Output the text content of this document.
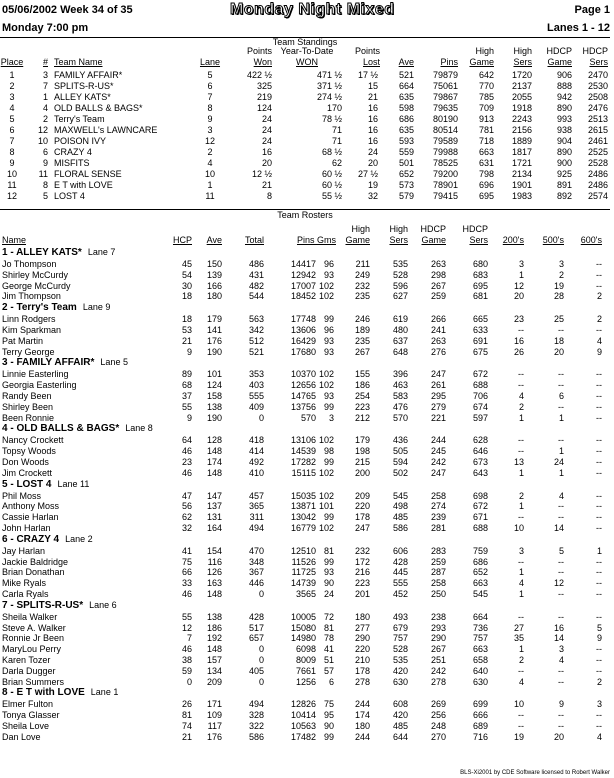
05/06/2002 Week 34 of 35	Monday Night Mixed	Page 1
Monday 7:00 pm	Lanes 1 - 12
Team Standings
Place	# Team Name	Lane
Points
Won
Year-To-Date
WON
Points
Lost	Ave	Pins
High
Game
High
Sers
HDCP
Game
HDCP
Sers
1	3 FAMILY AFFAIR*	5	422 ½	471 ½	17 ½	521	79879	642	1720	906	2470
2	7 SPLITS-R-US*	6	325	371 ½	15	664	75061	770	2137	888	2530
3	1 ALLEY KATS*	7	219	274 ½	21	635	79867	785	2055	942	2508
4	4 OLD BALLS & BAGS*	8	124	170	16	598	79635	709	1918	890	2476
5	2 Terry's Team	9	24	78 ½	16	686	80190	913	2243	993	2513
6	12 MAXWELL's LAWNCARE	3	24	71	16	635	80514	781	2156	938	2615
7	10 POISON IVY	12	24	71	16	593	79589	718	1889	904	2461
8	6 CRAZY 4	2	16	68 ½	24	559	79988	663	1817	890	2525
9	9 MISFITS	4	20	62	20	501	78525	631	1721	900	2528
10	11 FLORAL SENSE	10	12 ½	60 ½	27 ½	652	79200	798	2134	925	2486
11	8 E T with LOVE	1	21	60 ½	19	573	78901	696	1901	891	2486
12	5 LOST 4	11	8	55 ½	32	579	79415	695	1983	892	2574
Team Rosters
Name	HCP	Ave	Total	Pins Gms
High
Game
High
Sers
HDCP
Game
HDCP
Sers	200's	500's	600's
1 - ALLEY KATS* Lane 7
Jo Thompson	45	150	486	14417 96	211	535	263	680	3	3	--
Shirley McCurdy	54	139	431	12942 93	249	528	298	683	1	2	--
George McCurdy	30	166	482	17007 102	232	596	267	695	12	19	--
Jim Thompson	18	180	544	18452 102	235	627	259	681	20	28	2
2 - Terry's Team Lane 9
Linn Rodgers	18	179	563	17748 99	246	619	266	665	23	25	2
Kim Sparkman	53	141	342	13606 96	189	480	241	633	--	--	--
Pat Martin	21	176	512	16429 93	235	637	263	691	16	18	4
Terry George	9	190	521	17680 93	267	648	276	675	26	20	9
3 - FAMILY AFFAIR* Lane 5
Linnie Easterling	89	101	353	10370 102	155	396	247	672	--	--	--
Georgia Easterling	68	124	403	12656 102	186	463	261	688	--	--	--
Randy Been	37	158	555	14765 93	254	583	295	706	4	6	--
Shirley Been	55	138	409	13756 99	223	476	279	674	2	--	--
Been Ronnie	9	190	0	570	3	212	570	221	597	1	1	--
4 - OLD BALLS & BAGS* Lane 8
Nancy Crockett	64	128	418	13106 102	179	436	244	628	--	--	--
Topsy Woods	46	148	414	14539 98	198	505	245	646	--	1	--
Don Woods	23	174	492	17282 99	215	594	242	673	13	24	--
Jim Crockett	46	148	410	15115 102	200	502	247	643	1	1	--
5 - LOST 4 Lane 11
Phil Moss	47	147	457	15035 102	209	545	258	698	2	4	--
Anthony Moss	56	137	365	13871 101	220	498	274	672	1	--	--
Cassie Harlan	62	131	311	13042 99	178	485	239	671	--	--	--
John Harlan	32	164	494	16779 102	247	586	281	688	10	14	--
6 - CRAZY 4 Lane 2
Jay Harlan	41	154	470	12510 81	232	606	283	759	3	5	1
Jackie Baldridge	75	116	348	11526 99	172	428	259	686	--	--	--
Brian Donathan	66	126	367	11725 93	216	445	287	652	1	--	--
Mike Ryals	33	163	446	14739 90	223	555	258	663	4	12	--
Carla Ryals	46	148	0	3565 24	201	452	250	545	1	--	--
7 - SPLITS-R-US* Lane 6
Sheila Walker	55	138	428	10005 72	180	493	238	664	--	--	--
Steve A. Walker	12	186	517	15080 81	277	679	293	736	27	16	5
Ronnie Jr Been	7	192	657	14980 78	290	757	290	757	35	14	9
MaryLou Perry	46	148	0	6098 41	220	528	267	663	1	3	--
Karen Tozer	38	157	0	8009 51	210	535	251	658	2	4	--
Darla Dugger	59	134	405	7661 57	178	420	242	640	--	--	--
Brian Summers	0	209	0	1256	6	278	630	278	630	4	--	2
8 - E T with LOVE Lane 1
Elmer Fulton	26	171	494	12826 75	244	608	269	699	10	9	3
Tonya Glasser	81	109	328	10414 95	174	420	256	666	--	--	--
Sheila Love	74	117	322	10563 90	180	485	248	689	--	--	--
Dan Love	21	176	586	17482 99	244	644	270	716	19	20	4
BLS-Xi2001 by CDE Software licensed to Robert Walker
